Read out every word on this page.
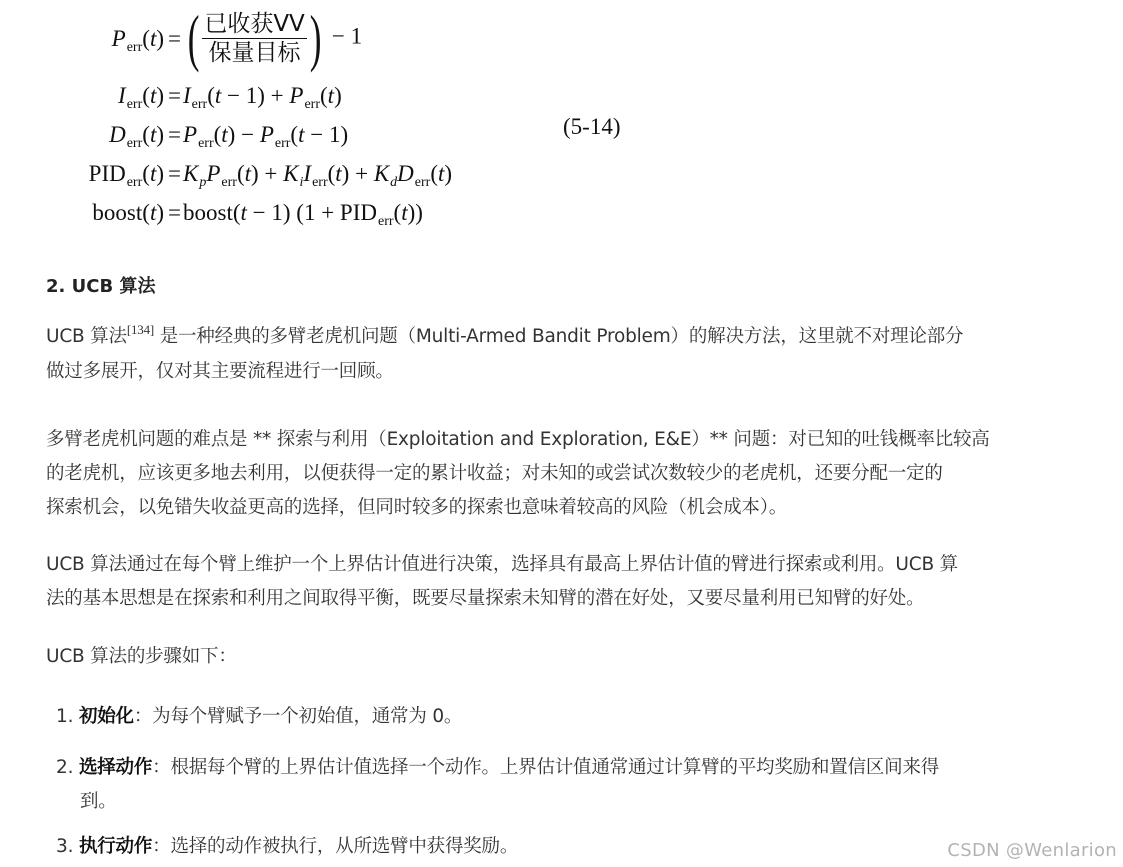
$P_{err}(t)$ = ( $\frac{\text{已收获VV}}{\text{保量目标}}$ ) − 1
$I_{err}(t) = I_{err}(t - 1) + P_{err}(t)$
$D_{err}(t) = P_{err}(t) - P_{err}(t - 1)$
$PID_{err}(t) = K_pP_{err}(t) + K_iI_{err}(t) + K_dD_{err}(t)$
boost(t) = boost(t − 1) $(1 + PID_{err}(t))$
(5-14)
2. UCB 算法

UCB 算法[134] 是一种经典的多臂老虎机问题（Multi-Armed Bandit Problem）的解决方法，这里就不对理论部分
做过多展开，仅对其主要流程进行一回顾。

多臂老虎机问题的难点是 ** 探索与利用（Exploitation and Exploration, E&E）** 问题：对已知的吐钱概率比较高
的老虎机，应该更多地去利用，以便获得一定的累计收益；对未知的或尝试次数较少的老虎机，还要分配一定的
探索机会，以免错失收益更高的选择，但同时较多的探索也意味着较高的风险（机会成本）。

UCB 算法通过在每个臂上维护一个上界估计值进行决策，选择具有最高上界估计值的臂进行探索或利用。UCB 算
法的基本思想是在探索和利用之间取得平衡，既要尽量探索未知臂的潜在好处，又要尽量利用已知臂的好处。

UCB 算法的步骤如下：

1. 初始化：为每个臂赋予一个初始值，通常为 0。
2. 选择动作：根据每个臂的上界估计值选择一个动作。上界估计值通常通过计算臂的平均奖励和置信区间来得
到。
3. 执行动作：选择的动作被执行，从所选臂中获得奖励。	CSDN @Wenlarion
